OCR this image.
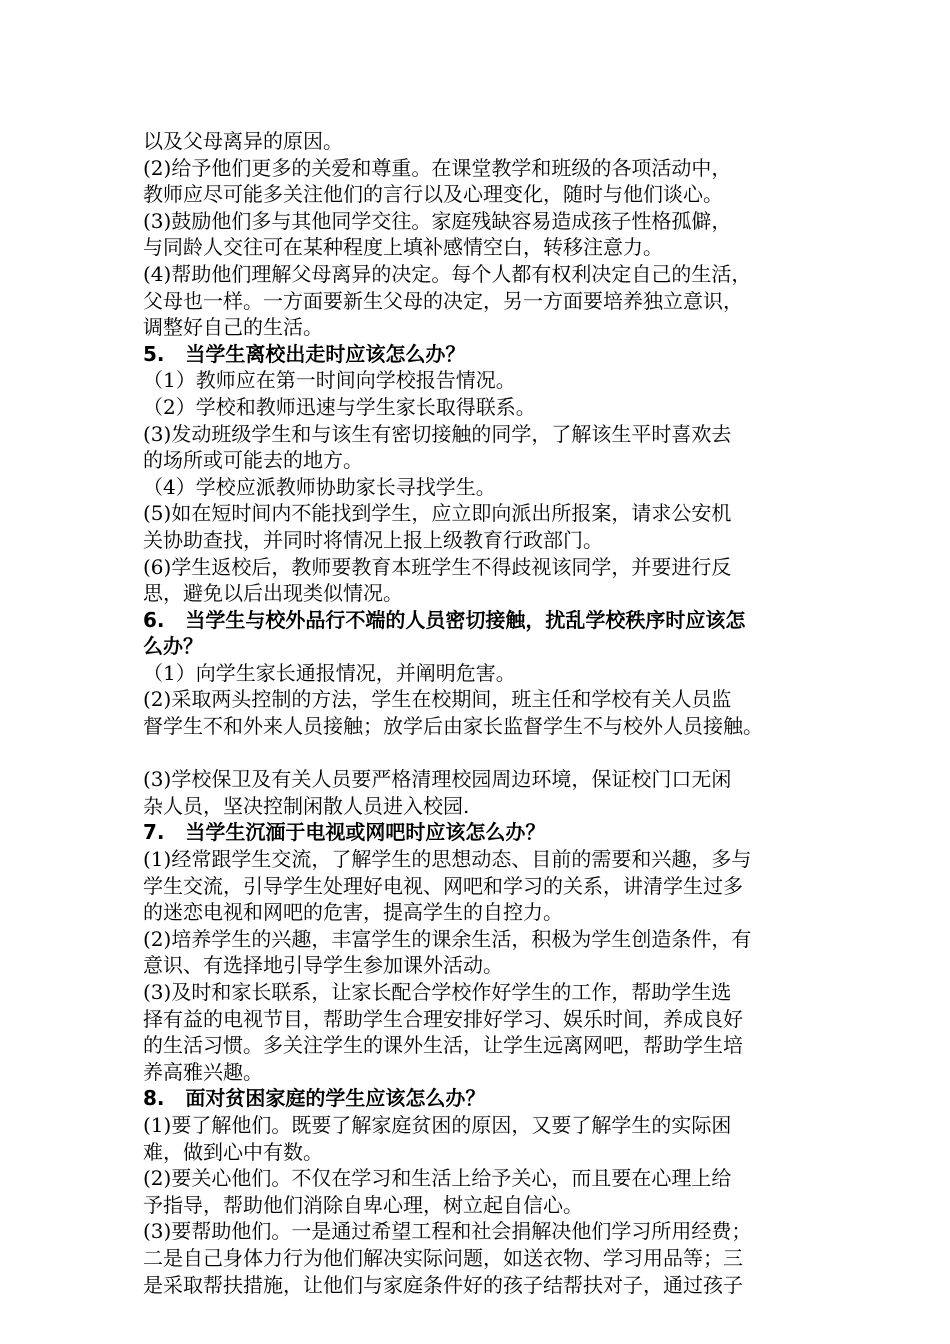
以及父母离异的原因。
(2)给予他们更多的关爱和尊重。在课堂教学和班级的各项活动中，
教师应尽可能多关注他们的言行以及心理变化，随时与他们谈心。
(3)鼓励他们多与其他同学交往。家庭残缺容易造成孩子性格孤僻，
与同龄人交往可在某种程度上填补感情空白，转移注意力。
(4)帮助他们理解父母离异的决定。每个人都有权利决定自己的生活，
父母也一样。一方面要新生父母的决定，另一方面要培养独立意识，
调整好自己的生活。
5.   当学生离校出走时应该怎么办？
（1）教师应在第一时间向学校报告情况。
（2）学校和教师迅速与学生家长取得联系。
(3)发动班级学生和与该生有密切接触的同学，了解该生平时喜欢去
的场所或可能去的地方。
（4）学校应派教师协助家长寻找学生。
(5)如在短时间内不能找到学生，应立即向派出所报案，请求公安机
关协助查找，并同时将情况上报上级教育行政部门。
(6)学生返校后，教师要教育本班学生不得歧视该同学，并要进行反
思，避免以后出现类似情况。
6.   当学生与校外品行不端的人员密切接触，扰乱学校秩序时应该怎
么办？
（1）向学生家长通报情况，并阐明危害。
(2)采取两头控制的方法，学生在校期间，班主任和学校有关人员监
督学生不和外来人员接触；放学后由家长监督学生不与校外人员接触。
(3)学校保卫及有关人员要严格清理校园周边环境，保证校门口无闲
杂人员，坚决控制闲散人员进入校园.
7.   当学生沉湎于电视或网吧时应该怎么办？
(1)经常跟学生交流，了解学生的思想动态、目前的需要和兴趣，多与
学生交流，引导学生处理好电视、网吧和学习的关系，讲清学生过多
的迷恋电视和网吧的危害，提高学生的自控力。
(2)培养学生的兴趣，丰富学生的课余生活，积极为学生创造条件，有
意识、有选择地引导学生参加课外活动。
(3)及时和家长联系，让家长配合学校作好学生的工作，帮助学生选
择有益的电视节目，帮助学生合理安排好学习、娱乐时间，养成良好
的生活习惯。多关注学生的课外生活，让学生远离网吧，帮助学生培
养高雅兴趣。
8.   面对贫困家庭的学生应该怎么办？
(1)要了解他们。既要了解家庭贫困的原因，又要了解学生的实际困
难，做到心中有数。
(2)要关心他们。不仅在学习和生活上给予关心，而且要在心理上给
予指导，帮助他们消除自卑心理，树立起自信心。
(3)要帮助他们。一是通过希望工程和社会捐解决他们学习所用经费；
二是自己身体力行为他们解决实际问题，如送衣物、学习用品等；三
是采取帮扶措施，让他们与家庭条件好的孩子结帮扶对子，通过孩子
